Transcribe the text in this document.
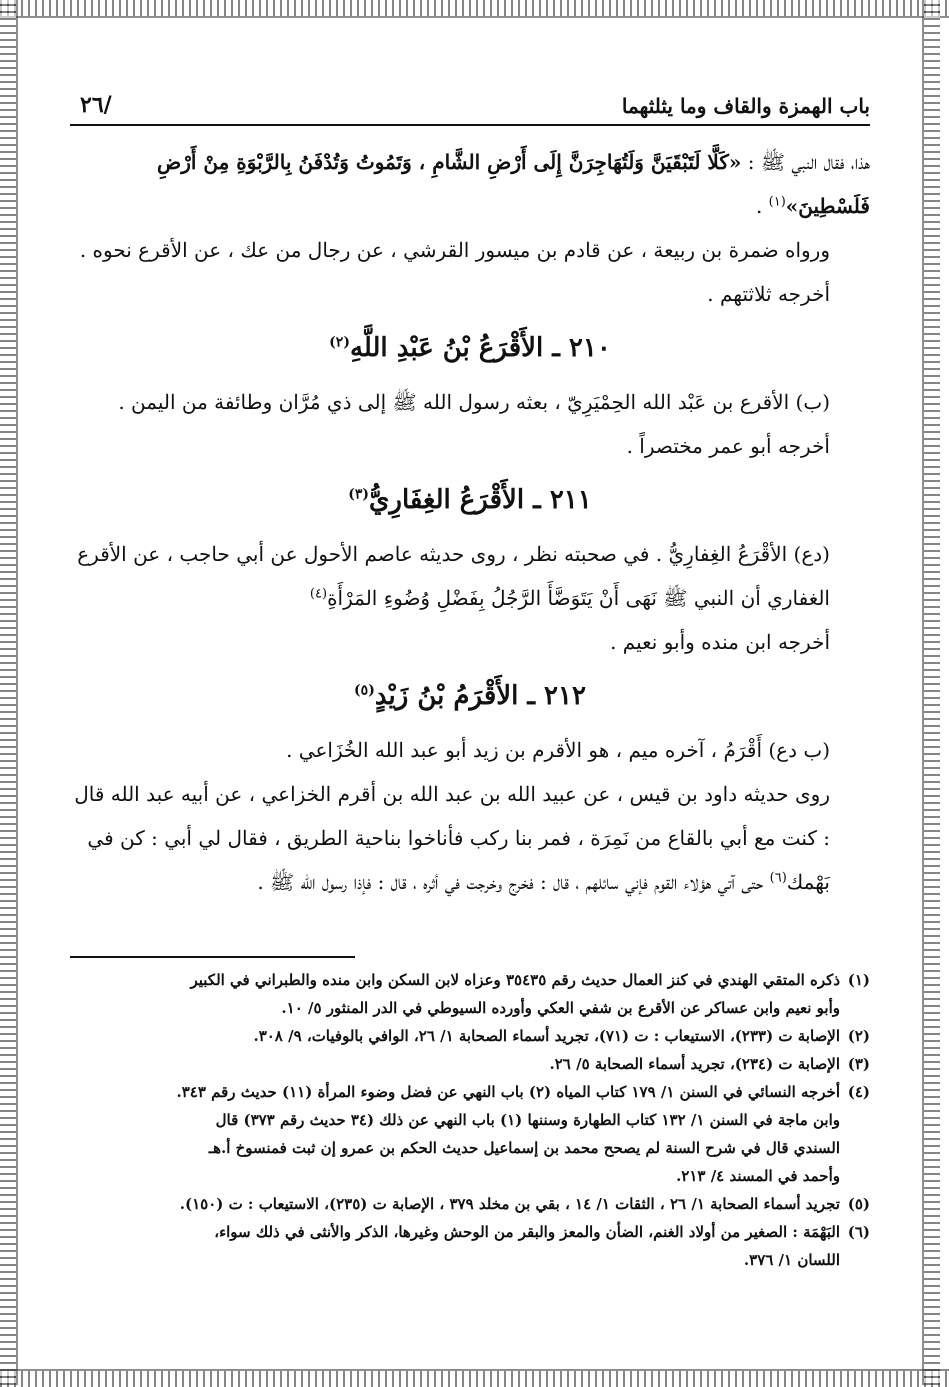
باب الهمزة والقاف وما يثلثهما
٢٦/

هذا، فقال النبي ﷺ : «كَلَّا لَتَبْقَيَنَّ وَلَتُهَاجِرَنَّ إِلَى أَرْضِ الشَّامِ ، وَتَمُوتُ وَتُدْفَنُ بِالرَّبْوَةِ مِنْ أَرْضِ فَلَسْطِينَ»$^{(١)}$ .

ورواه ضمرة بن ربيعة ، عن قادم بن ميسور القرشي ، عن رجال من عك ، عن الأقرع نحوه .

أخرجه ثلاثتهم .

٢١٠ ـ الأَقْرَعُ بْنُ عَبْدِ اللَّهِ$^{(٢)}$

(ب) الأقرع بن عَبْد الله الحِمْيَرِيّ ، بعثه رسول الله ﷺ إلى ذي مُرَّان وطائفة من اليمن .

أخرجه أبو عمر مختصراً .

٢١١ ـ الأَقْرَعُ الغِفَارِيُّ$^{(٣)}$

(دع) الأقْرَعُ الغِفارِيُّ . في صحبته نظر ، روى حديثه عاصم الأحول عن أبي حاجب ، عن الأقرع الغفاري أن النبي ﷺ نَهَى أَنْ يَتَوَضَّأَ الرَّجُلُ بِفَضْلِ وُضُوءِ المَرْأَةِ$^{(٤)}$

أخرجه ابن منده وأبو نعيم .

٢١٢ ـ الأَقْرَمُ بْنُ زَيْدٍ$^{(٥)}$

(ب دع) أَقْرَمُ ، آخره ميم ، هو الأقرم بن زيد أبو عبد الله الخُزَاعي .

روى حديثه داود بن قيس ، عن عبيد الله بن عبد الله بن أقرم الخزاعي ، عن أبيه عبد الله قال : كنت مع أبي بالقاع من نَمِرَة ، فمر بنا ركب فأناخوا بناحية الطريق ، فقال لي أبي : كن في بَهْمك$^{(٦)}$ حتى آتي هؤلاء القوم فإني سائلهم ، قال : فخرج وخرجت في أثره ، قال : فإذا رسول الله ﷺ .

(١)ذكره المتقي الهندي في كنز العمال حديث رقم ٣٥٤٣٥ وعزاه لابن السكن وابن منده والطبراني في الكبير

وأبو نعيم وابن عساكر عن الأقرع بن شفي العكي وأورده السيوطي في الدر المنثور ٥/ ١٠.

(٢)الإصابة ت (٢٣٣)، الاستيعاب : ت (٧١)، تجريد أسماء الصحابة ١/ ٢٦، الوافي بالوفيات، ٩/ ٣٠٨.

(٣)الإصابة ت (٢٣٤)، تجريد أسماء الصحابة ٥/ ٢٦.

(٤)أخرجه النسائي في السنن ١/ ١٧٩ كتاب المياه (٢) باب النهي عن فضل وضوء المرأة (١١) حديث رقم ٣٤٣.

وابن ماجة في السنن ١/ ١٣٢ كتاب الطهارة وسننها (١) باب النهي عن ذلك (٣٤ حديث رقم ٣٧٣) قال

السندي قال في شرح السنة لم يصحح محمد بن إسماعيل حديث الحكم بن عمرو إن ثبت فمنسوخ أ.هـ

وأحمد في المسند ٤/ ٢١٣.

(٥)تجريد أسماء الصحابة ١/ ٢٦ ، الثقات ١/ ١٤ ، بقي بن مخلد ٣٧٩ ، الإصابة ت (٢٣٥)، الاستيعاب : ت (١٥٠).

(٦)البَهْمَة : الصغير من أولاد الغنم، الضأن والمعز والبقر من الوحش وغيرها، الذكر والأنثى في ذلك سواء،

اللسان ١/ ٣٧٦.
